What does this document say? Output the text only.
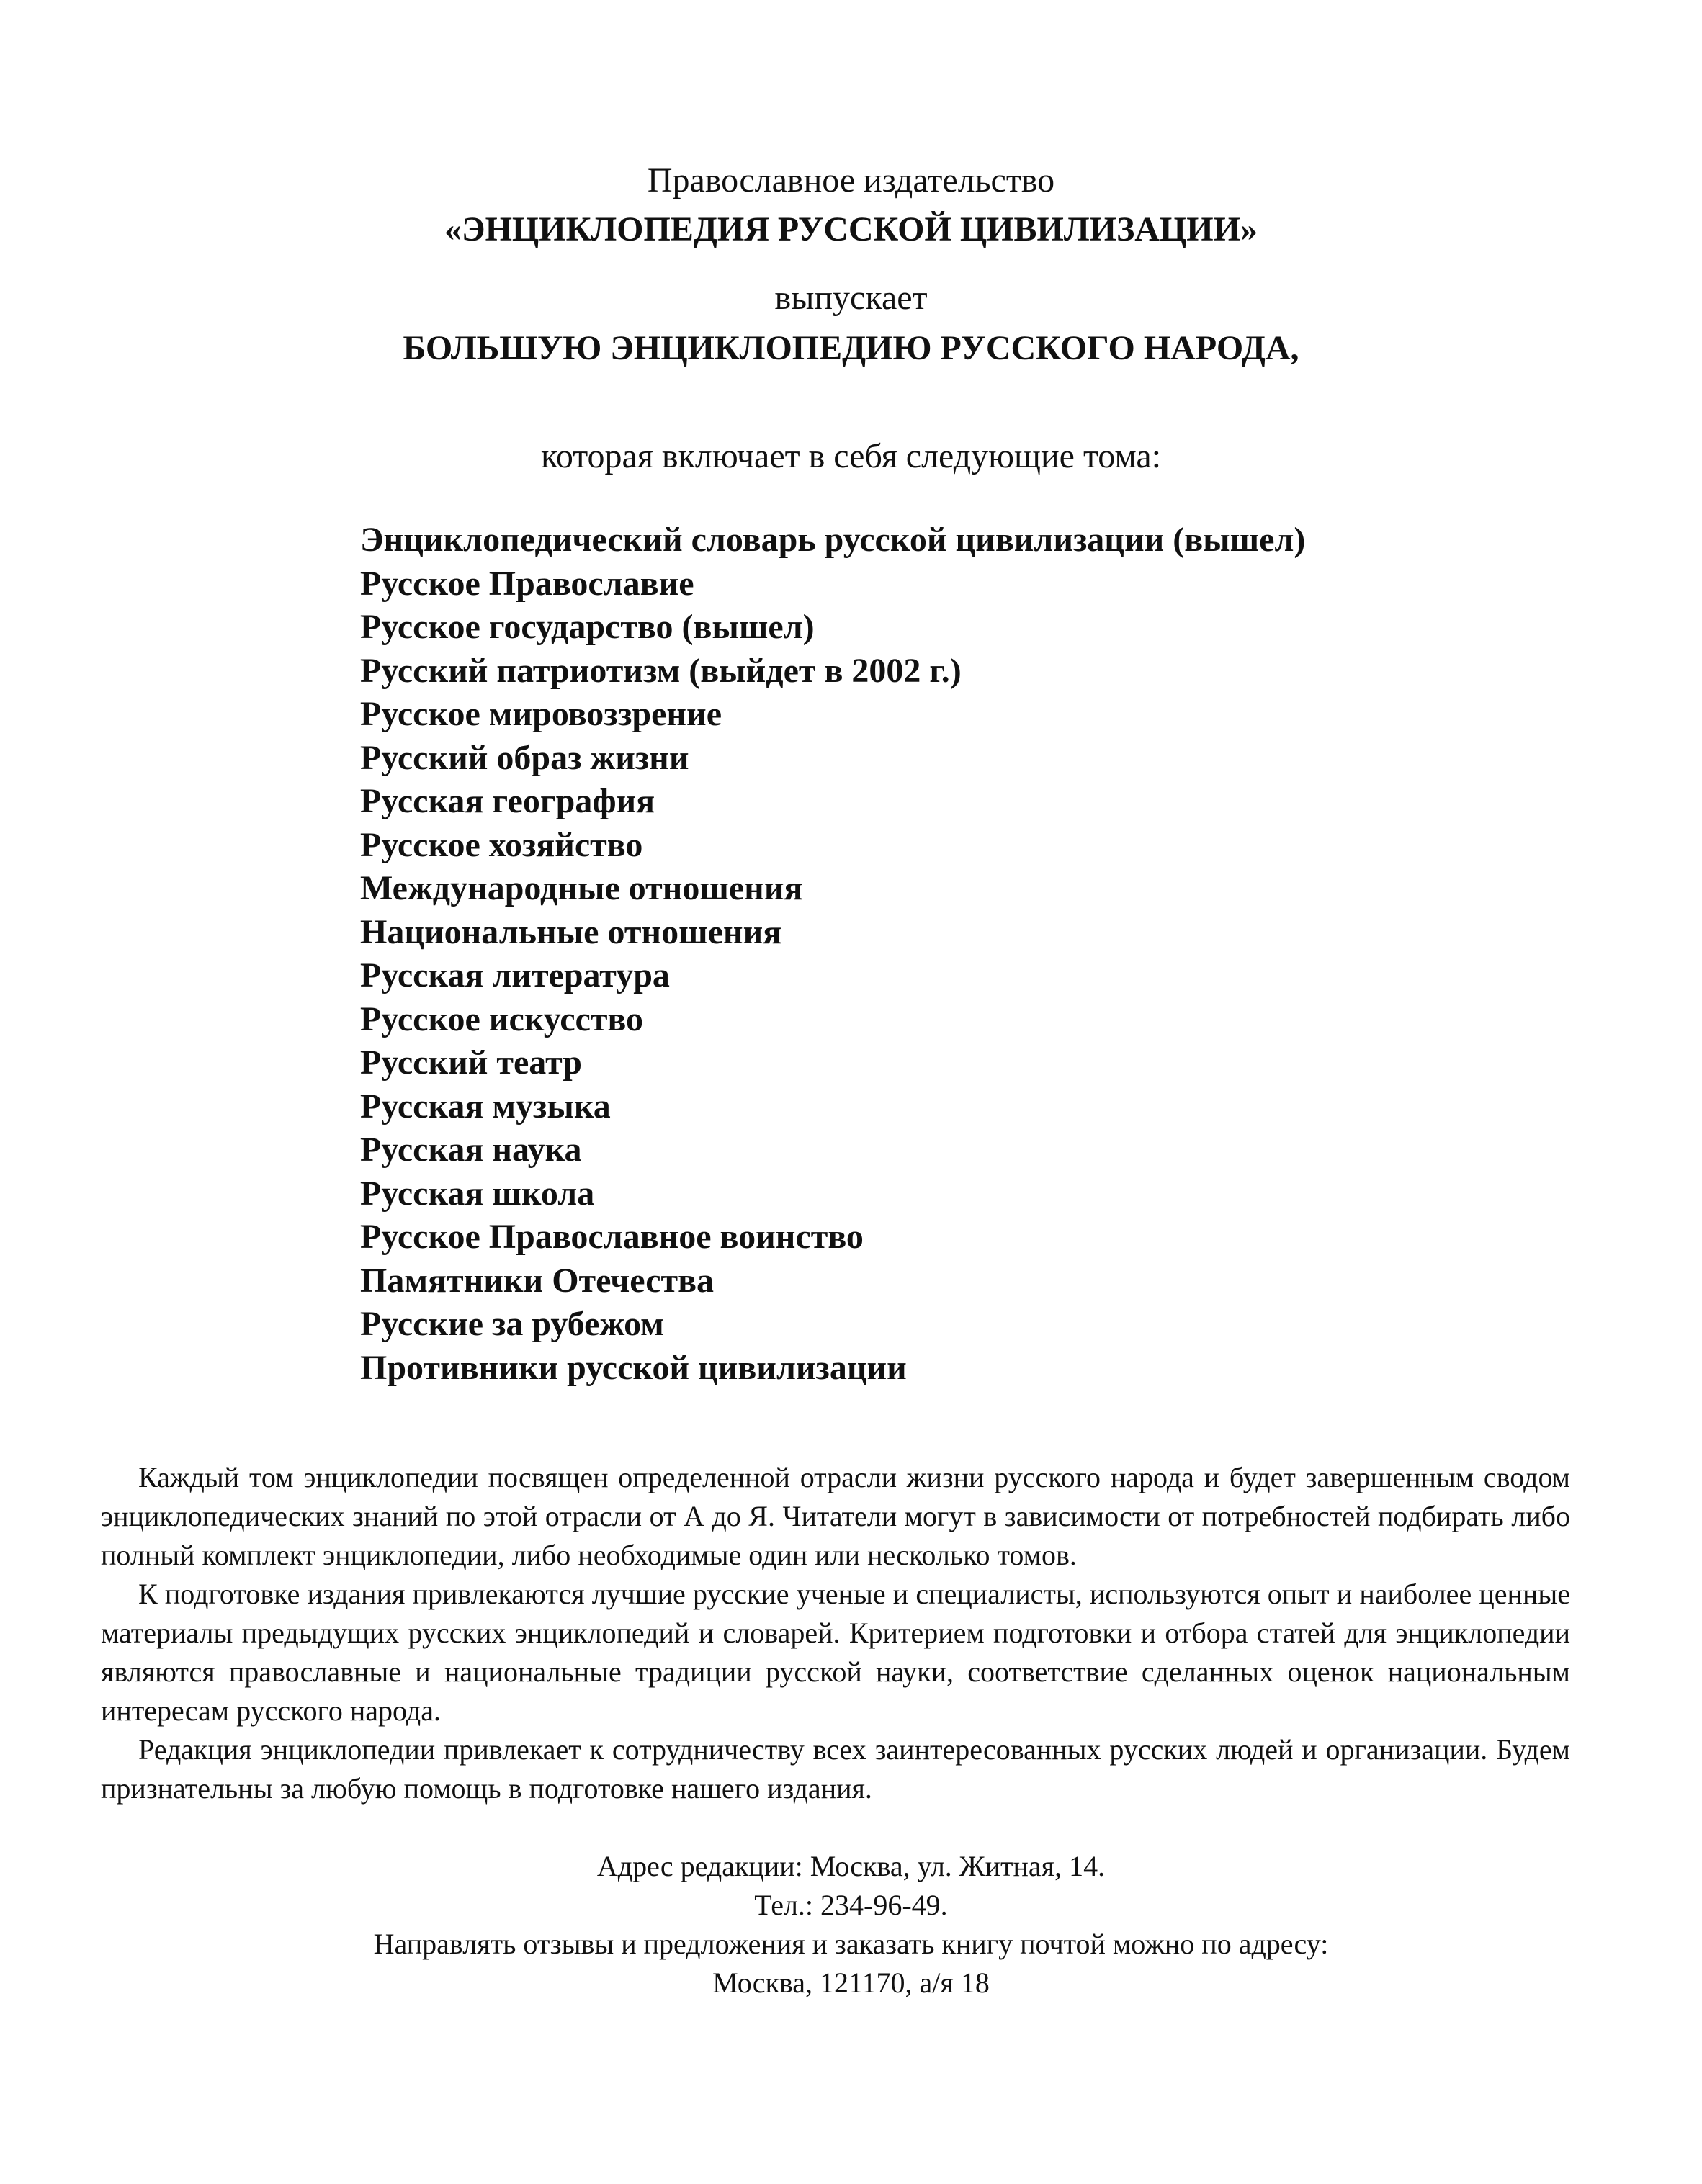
Православное издательство
«ЭНЦИКЛОПЕДИЯ РУССКОЙ ЦИВИЛИЗАЦИИ»
выпускает
БОЛЬШУЮ ЭНЦИКЛОПЕДИЮ РУССКОГО НАРОДА,
которая включает в себя следующие тома:
Энциклопедический словарь русской цивилизации (вышел)
Русское Православие
Русское государство (вышел)
Русский патриотизм (выйдет в 2002 г.)
Русское мировоззрение
Русский образ жизни
Русская география
Русское хозяйство
Международные отношения
Национальные отношения
Русская литература
Русское искусство
Русский театр
Русская музыка
Русская наука
Русская школа
Русское Православное воинство
Памятники Отечества
Русские за рубежом
Противники русской цивилизации

Каждый том энциклопедии посвящен определенной отрасли жизни русского народа и будет завершенным сводом энциклопедических знаний по этой отрасли от А до Я. Читатели могут в зависимости от потребностей подбирать либо полный комплект энциклопедии, либо необходимые один или несколько томов.

К подготовке издания привлекаются лучшие русские ученые и специалисты, используются опыт и наиболее ценные материалы предыдущих русских энциклопедий и словарей. Критерием подготовки и отбора статей для энциклопедии являются православные и национальные традиции русской науки, соответствие сделанных оценок национальным интересам русского народа.

Редакция энциклопедии привлекает к сотрудничеству всех заинтересованных русских людей и организации. Будем признательны за любую помощь в подготовке нашего издания.

Адрес редакции: Москва, ул. Житная, 14.
Тел.: 234-96-49.
Направлять отзывы и предложения и заказать книгу почтой можно по адресу:
Москва, 121170, а/я 18
